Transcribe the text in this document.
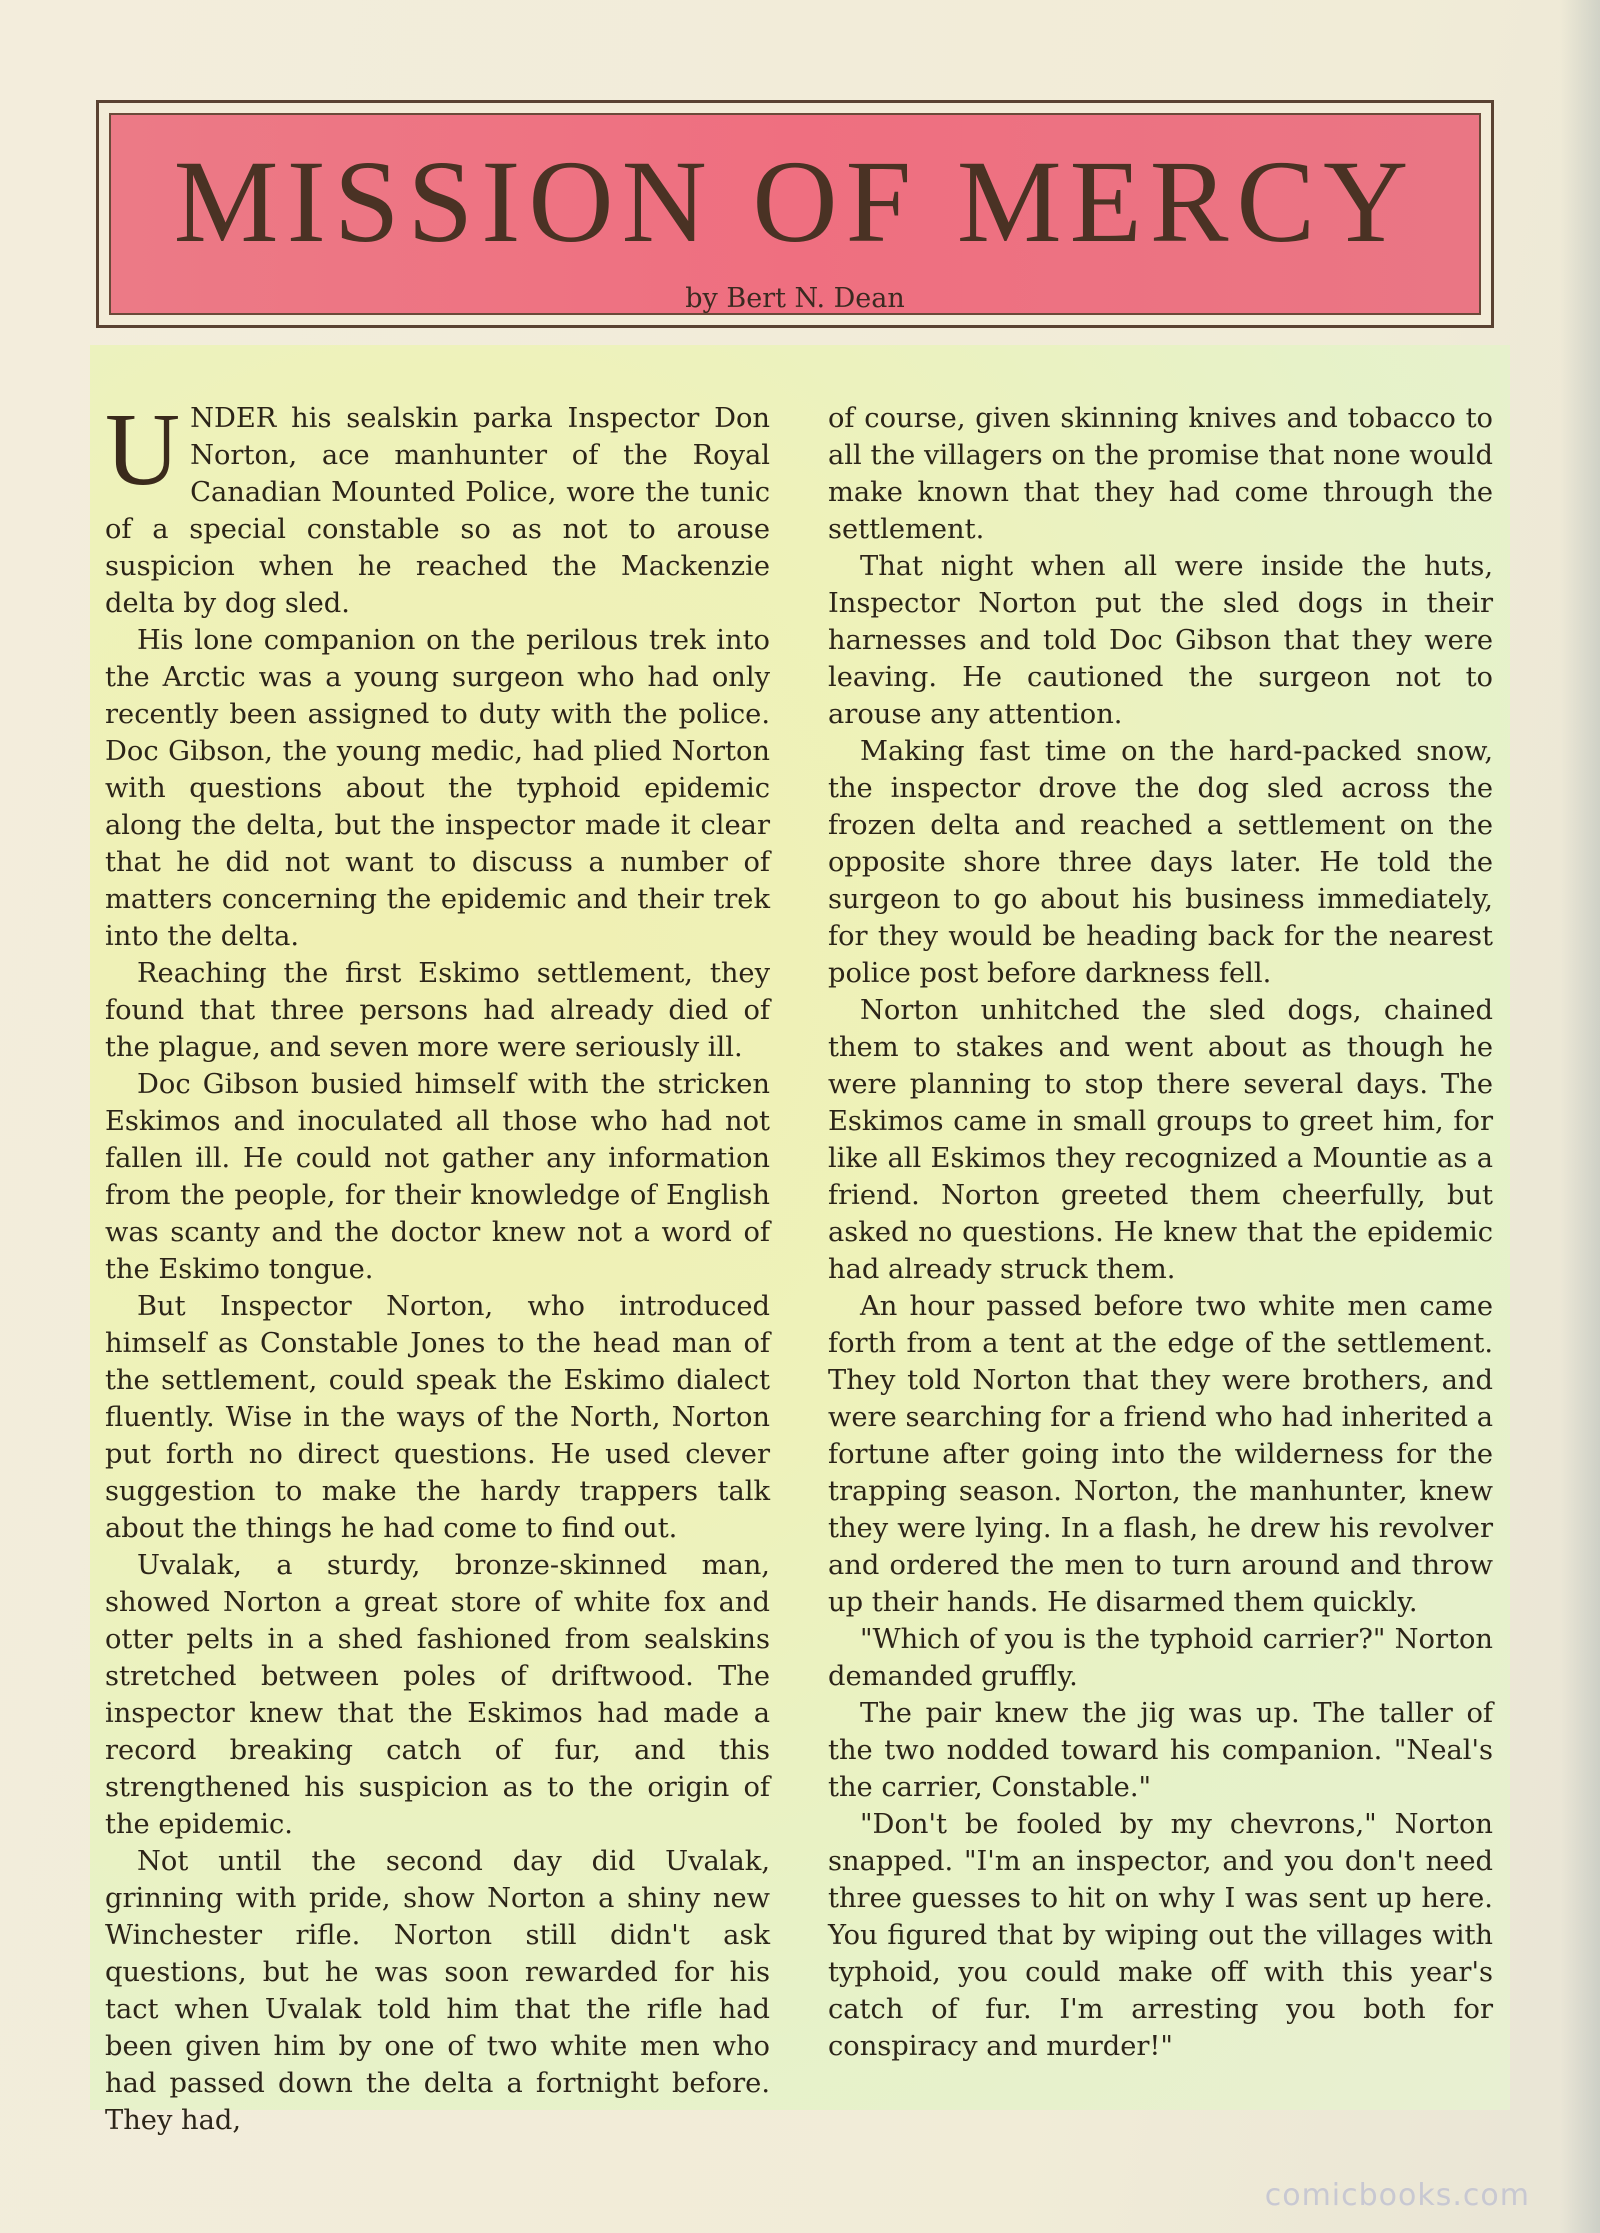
MISSION OF MERCY
by Bert N. Dean

UNDER his sealskin parka Inspector Don Norton, ace manhunter of the Royal Canadian Mounted Police, wore the tunic of a special constable so as not to arouse suspicion when he reached the Mackenzie delta by dog sled.

His lone companion on the perilous trek into the Arctic was a young surgeon who had only recently been assigned to duty with the police. Doc Gibson, the young medic, had plied Norton with questions about the typhoid epidemic along the delta, but the inspector made it clear that he did not want to discuss a number of matters concerning the epidemic and their trek into the delta.

Reaching the first Eskimo settlement, they found that three persons had already died of the plague, and seven more were seriously ill.

Doc Gibson busied himself with the stricken Eskimos and inoculated all those who had not fallen ill. He could not gather any information from the people, for their knowledge of English was scanty and the doctor knew not a word of the Eskimo tongue.

But Inspector Norton, who introduced himself as Constable Jones to the head man of the settlement, could speak the Eskimo dialect fluently. Wise in the ways of the North, Norton put forth no direct questions. He used clever suggestion to make the hardy trappers talk about the things he had come to find out.

Uvalak, a sturdy, bronze-skinned man, showed Norton a great store of white fox and otter pelts in a shed fashioned from sealskins stretched between poles of driftwood. The inspector knew that the Eskimos had made a record breaking catch of fur, and this strengthened his suspicion as to the origin of the epidemic.

Not until the second day did Uvalak, grinning with pride, show Norton a shiny new Winchester rifle. Norton still didn't ask questions, but he was soon rewarded for his tact when Uvalak told him that the rifle had been given him by one of two white men who had passed down the delta a fortnight before. They had,

of course, given skinning knives and tobacco to all the villagers on the promise that none would make known that they had come through the settlement.

That night when all were inside the huts, Inspector Norton put the sled dogs in their harnesses and told Doc Gibson that they were leaving. He cautioned the surgeon not to arouse any attention.

Making fast time on the hard-packed snow, the inspector drove the dog sled across the frozen delta and reached a settlement on the opposite shore three days later. He told the surgeon to go about his business immediately, for they would be heading back for the nearest police post before darkness fell.

Norton unhitched the sled dogs, chained them to stakes and went about as though he were planning to stop there several days. The Eskimos came in small groups to greet him, for like all Eskimos they recognized a Mountie as a friend. Norton greeted them cheerfully, but asked no questions. He knew that the epidemic had already struck them.

An hour passed before two white men came forth from a tent at the edge of the settlement. They told Norton that they were brothers, and were searching for a friend who had inherited a fortune after going into the wilderness for the trapping season. Norton, the manhunter, knew they were lying. In a flash, he drew his revolver and ordered the men to turn around and throw up their hands. He disarmed them quickly.

"Which of you is the typhoid carrier?" Norton demanded gruffly.

The pair knew the jig was up. The taller of the two nodded toward his companion. "Neal's the carrier, Constable."

"Don't be fooled by my chevrons," Norton snapped. "I'm an inspector, and you don't need three guesses to hit on why I was sent up here. You figured that by wiping out the villages with typhoid, you could make off with this year's catch of fur. I'm arresting you both for conspiracy and murder!"

comicbooks.com
